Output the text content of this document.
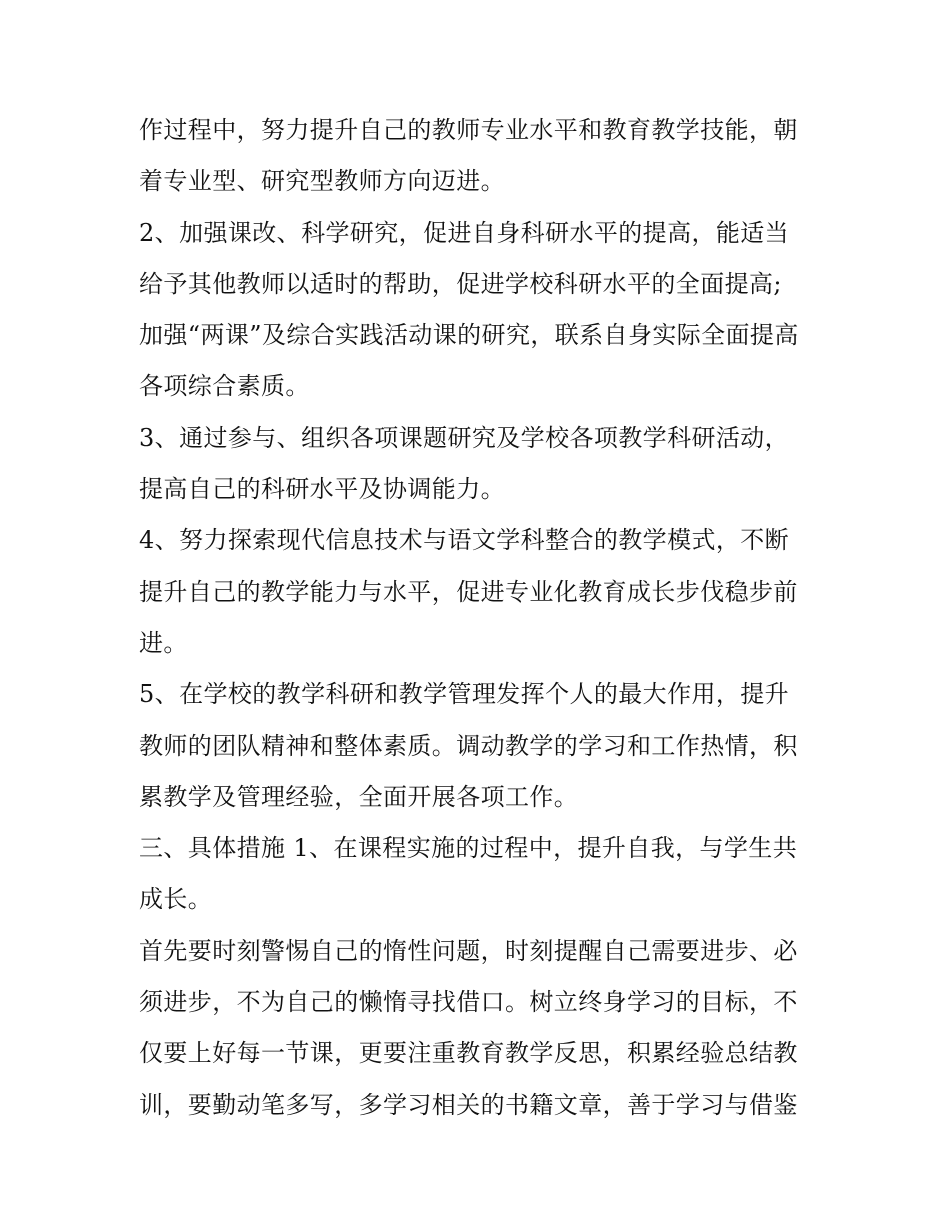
作过程中，努力提升自己的教师专业水平和教育教学技能，朝
着专业型、研究型教师方向迈进。
2、加强课改、科学研究，促进自身科研水平的提高，能适当
给予其他教师以适时的帮助，促进学校科研水平的全面提高;
加强“两课”及综合实践活动课的研究，联系自身实际全面提高
各项综合素质。
3、通过参与、组织各项课题研究及学校各项教学科研活动，
提高自己的科研水平及协调能力。
4、努力探索现代信息技术与语文学科整合的教学模式，不断
提升自己的教学能力与水平，促进专业化教育成长步伐稳步前
进。
5、在学校的教学科研和教学管理发挥个人的最大作用，提升
教师的团队精神和整体素质。调动教学的学习和工作热情，积
累教学及管理经验，全面开展各项工作。
三、具体措施 1、在课程实施的过程中，提升自我，与学生共
成长。
首先要时刻警惕自己的惰性问题，时刻提醒自己需要进步、必
须进步，不为自己的懒惰寻找借口。树立终身学习的目标，不
仅要上好每一节课，更要注重教育教学反思，积累经验总结教
训，要勤动笔多写，多学习相关的书籍文章，善于学习与借鉴
